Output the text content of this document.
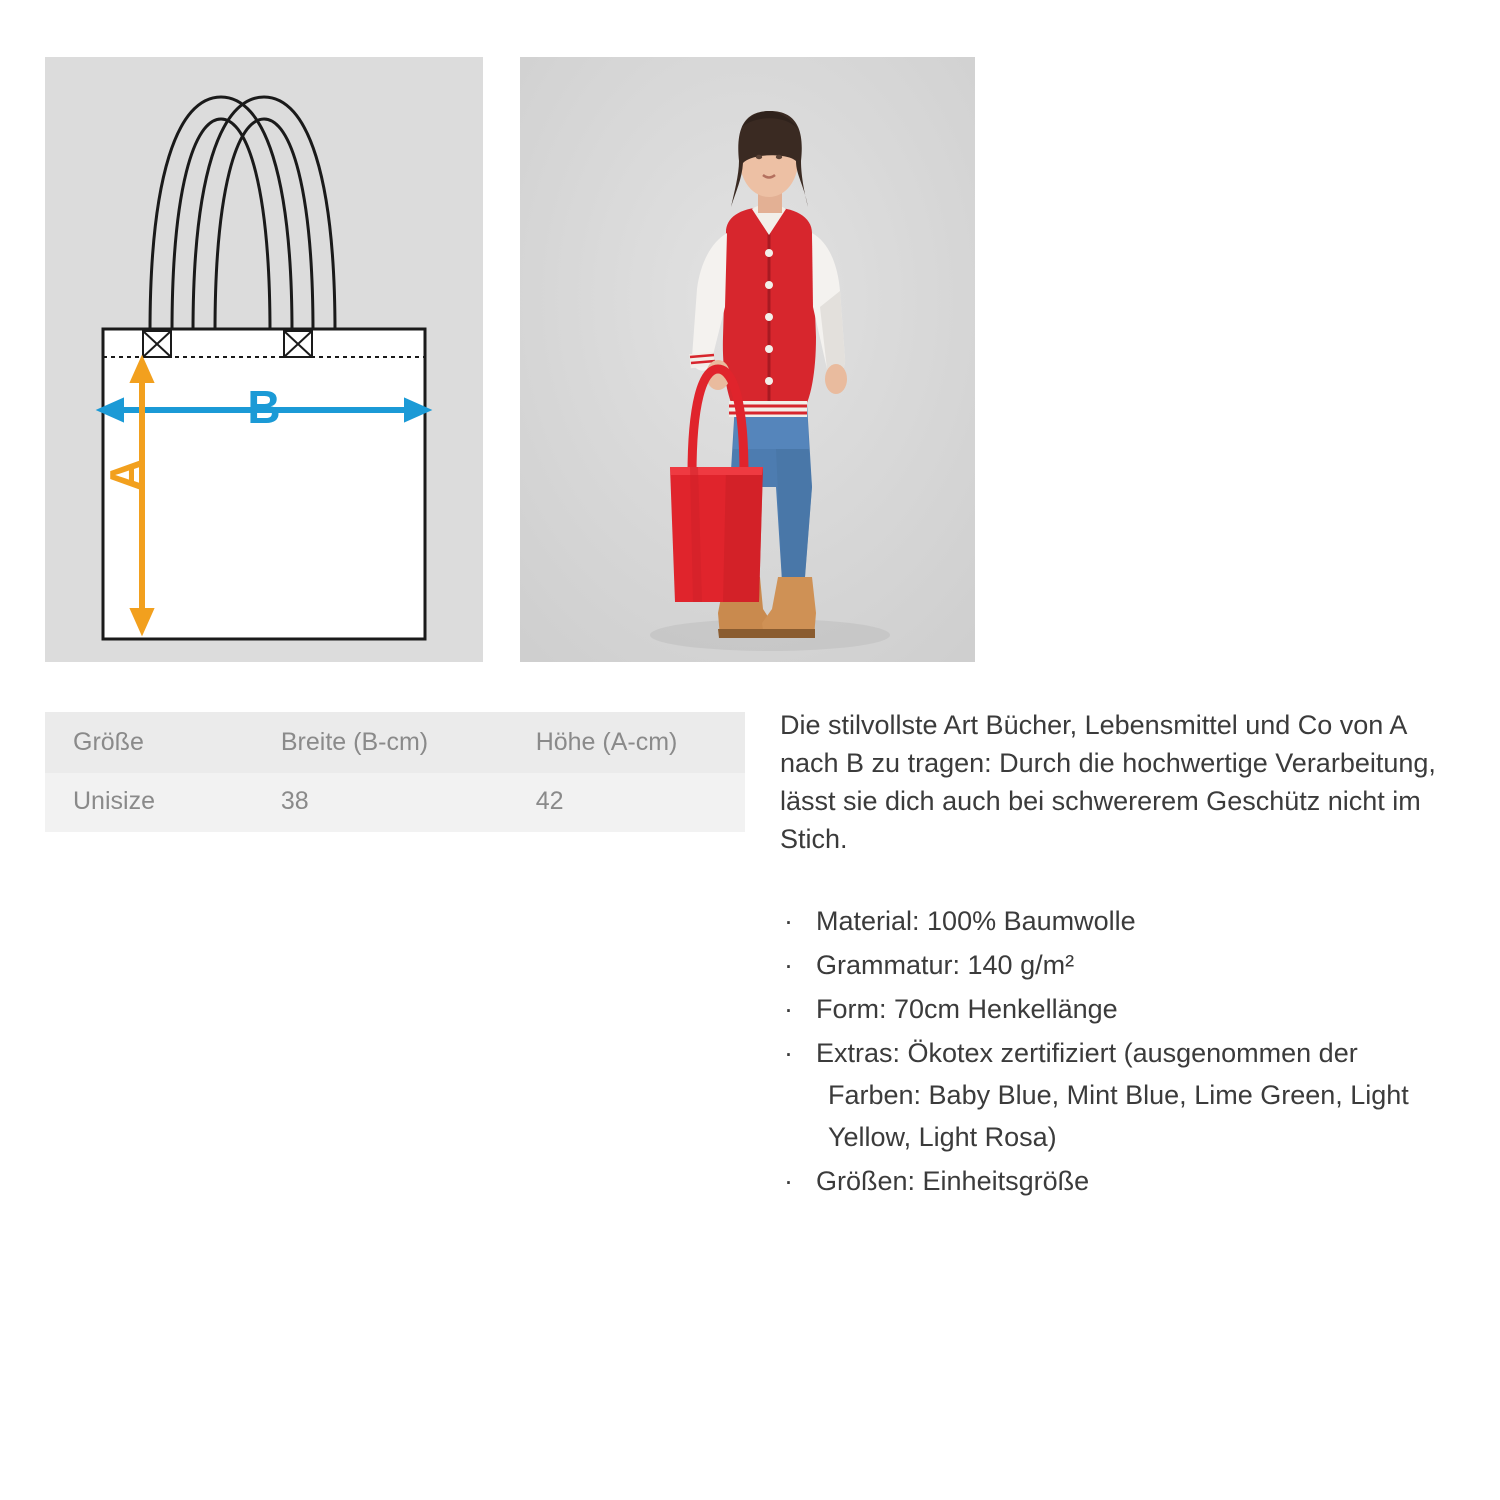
B
A
Größe	Breite (B-cm)	Höhe (A-cm)
Unisize	38	42

Die stilvollste Art Bücher, Lebensmittel und Co von A nach B zu tragen: Durch die hochwertige Verarbeitung, lässt sie dich auch bei schwererem Geschütz nicht im Stich.

· Material: 100% Baumwolle
· Grammatur: 140 g/m²
· Form: 70cm Henkellänge
· Extras: Ökotex zertifiziert (ausgenommen der
Farben: Baby Blue, Mint Blue, Lime Green, Light Yellow, Light Rosa)
· Größen: Einheitsgröße
